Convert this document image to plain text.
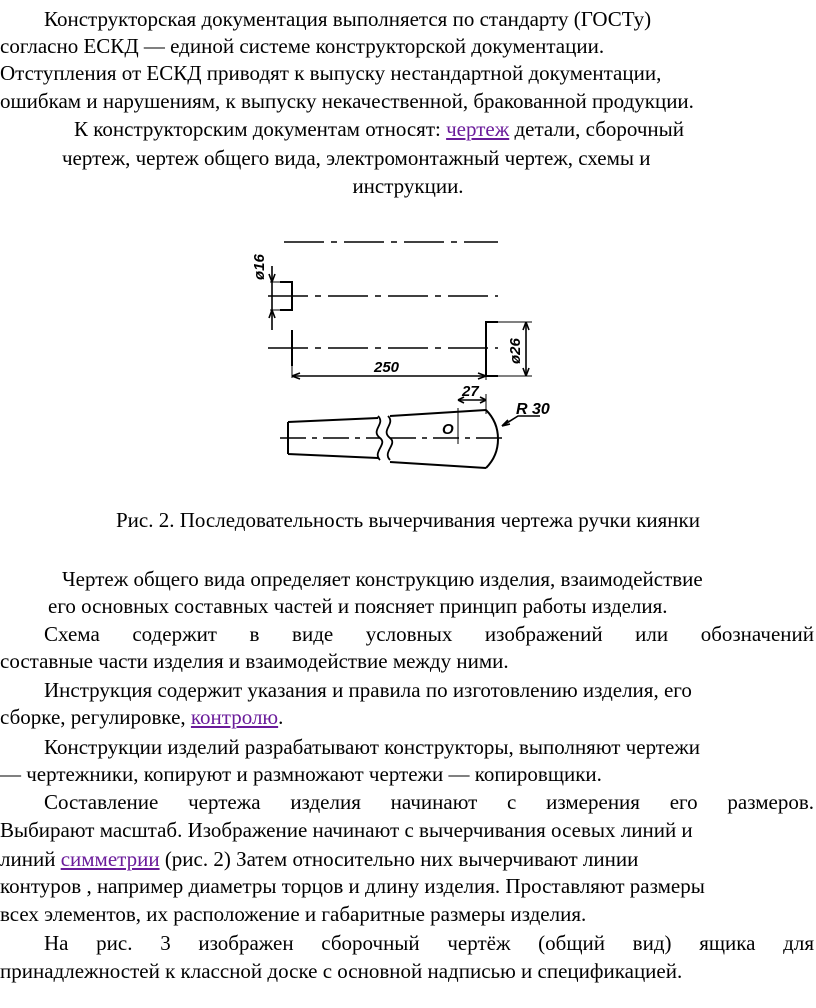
Конструкторская документация выполняется по стандарту (ГОСТу)
согласно ЕСКД — единой системе конструкторской документации.
Отступления от ЕСКД приводят к выпуску нестандартной документации,
ошибкам и нарушениям, к выпуску некачественной, бракованной продукции.
К конструкторским документам относят: чертеж детали, сборочный
чертеж, чертеж общего вида, электромонтажный чертеж, схемы и
инструкции.
ø16
ø26
250
27
R 30
O
Рис. 2. Последовательность вычерчивания чертежа ручки киянки
Чертеж общего вида определяет конструкцию изделия, взаимодействие
его основных составных частей и поясняет принцип работы изделия.
Схема содержит в виде условных изображений или обозначений
составные части изделия и взаимодействие между ними.
Инструкция содержит указания и правила по изготовлению изделия, его
сборке, регулировке, контролю.
Конструкции изделий разрабатывают конструкторы, выполняют чертежи
— чертежники, копируют и размножают чертежи — копировщики.
Составление чертежа изделия начинают с измерения его размеров.
Выбирают масштаб. Изображение начинают с вычерчивания осевых линий и
линий симметрии (рис. 2) Затем относительно них вычерчивают линии
контуров , например диаметры торцов и длину изделия. Проставляют размеры
всех элементов, их расположение и габаритные размеры изделия.
На рис. 3 изображен сборочный чертёж (общий вид) ящика для
принадлежностей к классной доске с основной надписью и спецификацией.
